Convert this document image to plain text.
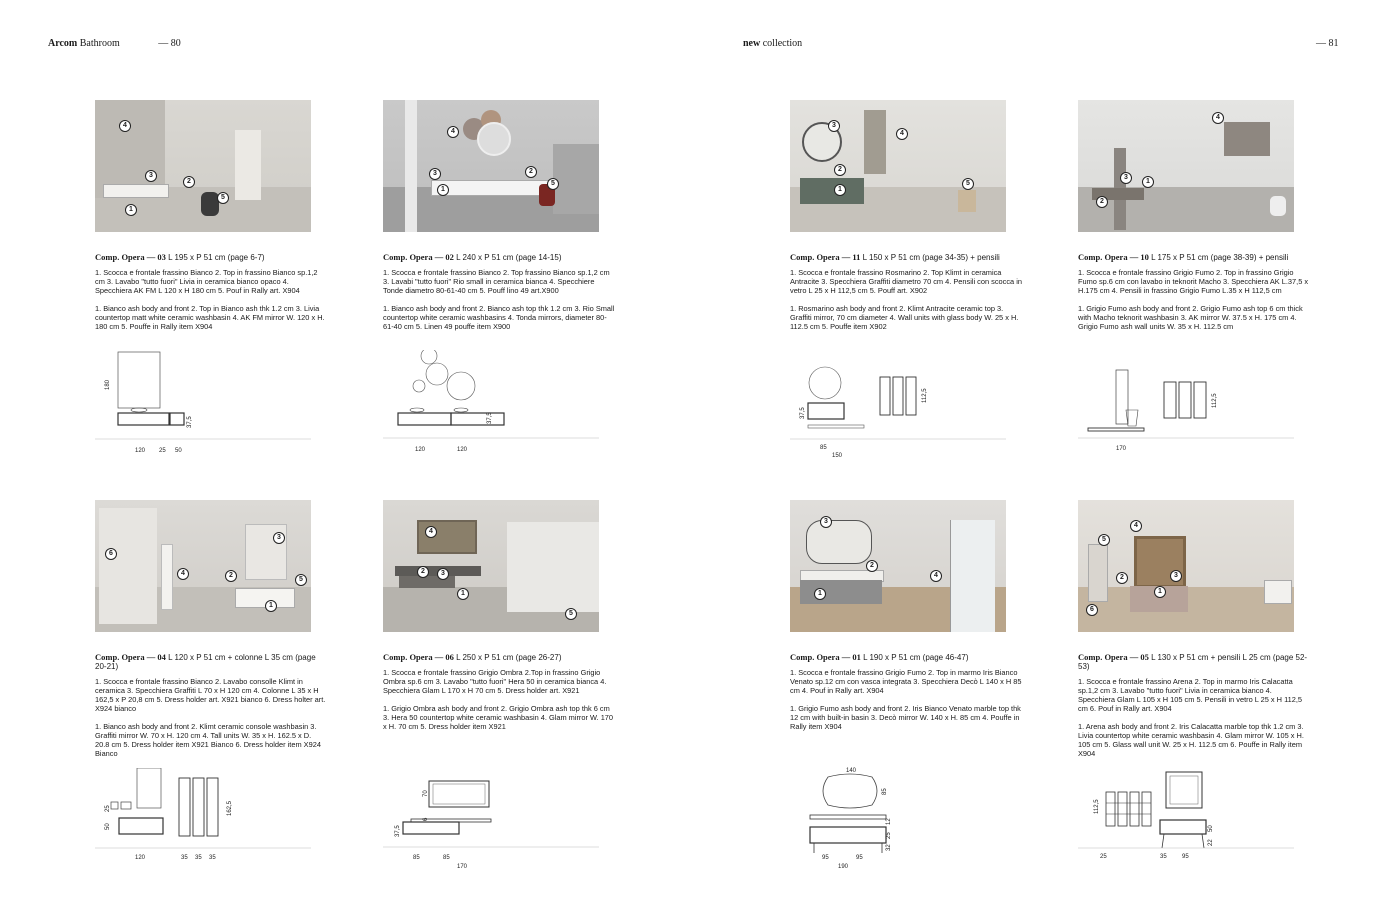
Arcom Bathroom	— 80	new collection	— 81
4
3
2
5
1
Comp. Opera — 03 L 195 x P 51 cm (page 6-7)
1. Scocca e frontale frassino Bianco 2. Top in frassino Bianco sp.1,2 cm 3. Lavabo "tutto fuori" Livia in ceramica bianco opaco 4. Specchiera AK FM L 120 x H 180 cm 5. Pouf in Rally art. X904
1. Bianco ash body and front 2. Top in Bianco ash thk 1.2 cm 3. Livia countertop matt white ceramic washbasin 4. AK FM mirror W. 120 x H. 180 cm 5. Pouffe in Rally item X904
180
37,5
120 25 50
4
3	2
5
1
Comp. Opera — 02 L 240 x P 51 cm (page 14-15)
1. Scocca e frontale frassino Bianco 2. Top frassino Bianco sp.1,2 cm 3. Lavabi "tutto fuori" Rio small in ceramica bianca 4. Specchiere Tonde diametro 80-61-40 cm 5. Pouff lino 49 art.X900
1. Bianco ash body and front 2. Bianco ash top thk 1.2 cm 3. Rio Small countertop white ceramic washbasins 4. Tonda mirrors, diameter 80-61-40 cm 5. Linen 49 pouffe item X900
37,5
120	120
3
4
2
5
1
Comp. Opera — 11 L 150 x P 51 cm (page 34-35) + pensili
1. Scocca e frontale frassino Rosmarino 2. Top Klimt in ceramica Antracite 3. Specchiera Graffiti diametro 70 cm 4. Pensili con scocca in vetro L 25 x H 112,5 cm 5. Pouff art. X902
1. Rosmarino ash body and front 2. Klimt Antracite ceramic top 3. Graffiti mirror, 70 cm diameter 4. Wall units with glass body W. 25 x H. 112.5 cm 5. Pouffe item X902
37,5
112,5
85
150
4
3
1
2
Comp. Opera — 10 L 175 x P 51 cm (page 38-39) + pensili
1. Scocca e frontale frassino Grigio Fumo 2. Top in frassino Grigio Fumo sp.6 cm con lavabo in teknorit Macho 3. Specchiera AK L.37,5 x H.175 cm 4. Pensili in frassino Grigio Fumo L.35 x H 112,5 cm
1. Grigio Fumo ash body and front 2. Grigio Fumo ash top 6 cm thick with Macho teknorit washbasin 3. AK mirror W. 37.5 x H. 175 cm 4. Grigio Fumo ash wall units W. 35 x H. 112.5 cm
112,5
170
6
4
3
2
5
1
Comp. Opera — 04 L 120 x P 51 cm + colonne L 35 cm (page 20-21)
1. Scocca e frontale frassino Bianco 2. Lavabo consolle Klimt in ceramica 3. Specchiera Graffiti L 70 x H 120 cm 4. Colonne L 35 x H 162,5 x P 20,8 cm 5. Dress holder art. X921 bianco 6. Dress holter art. X924 bianco
1. Bianco ash body and front 2. Klimt ceramic console washbasin 3. Graffiti mirror W. 70 x H. 120 cm 4. Tall units W. 35 x H. 162.5 x D. 20.8 cm 5. Dress holder item X921 Bianco 6. Dress holder item X924 Bianco
25
50
162,5
120	35 35 35
4
2	3
1
5
Comp. Opera — 06 L 250 x P 51 cm (page 26-27)
1. Scocca e frontale frassino Grigio Ombra 2.Top in frassino Grigio Ombra sp.6 cm 3. Lavabo "tutto fuori" Hera 50 in ceramica bianca 4. Specchiera Glam L 170 x H 70 cm 5. Dress holder art. X921
1. Grigio Ombra ash body and front 2. Grigio Ombra ash top thk 6 cm 3. Hera 50 countertop white ceramic washbasin 4. Glam mirror W. 170 x H. 70 cm 5. Dress holder item X921
70
6
37,5
85	85
170
3
2
4
1
Comp. Opera — 01 L 190 x P 51 cm (page 46-47)
1. Scocca e frontale frassino Grigio Fumo 2. Top in marmo Iris Bianco Venato sp.12 cm con vasca integrata 3. Specchiera Decò L 140 x H 85 cm 4. Pouf in Rally art. X904
1. Grigio Fumo ash body and front 2. Iris Bianco Venato marble top thk 12 cm with built-in basin 3. Decò mirror W. 140 x H. 85 cm 4. Pouffe in Rally item X904
140
85
12
25
32
95	95
190
4
5
2	3
1
6
Comp. Opera — 05 L 130 x P 51 cm + pensili L 25 cm (page 52-53)
1. Scocca e frontale frassino Arena 2. Top in marmo Iris Calacatta sp.1,2 cm 3. Lavabo "tutto fuori" Livia in ceramica bianco 4. Specchiera Glam L 105 x H 105 cm 5. Pensili in vetro L 25 x H 112,5 cm 6. Pouf in Rally art. X904
1. Arena ash body and front 2. Iris Calacatta marble top thk 1.2 cm 3. Livia countertop white ceramic washbasin 4. Glam mirror W. 105 x H. 105 cm 5. Glass wall unit W. 25 x H. 112.5 cm 6. Pouffe in Rally item X904
112,5
50
22
25	35	95
